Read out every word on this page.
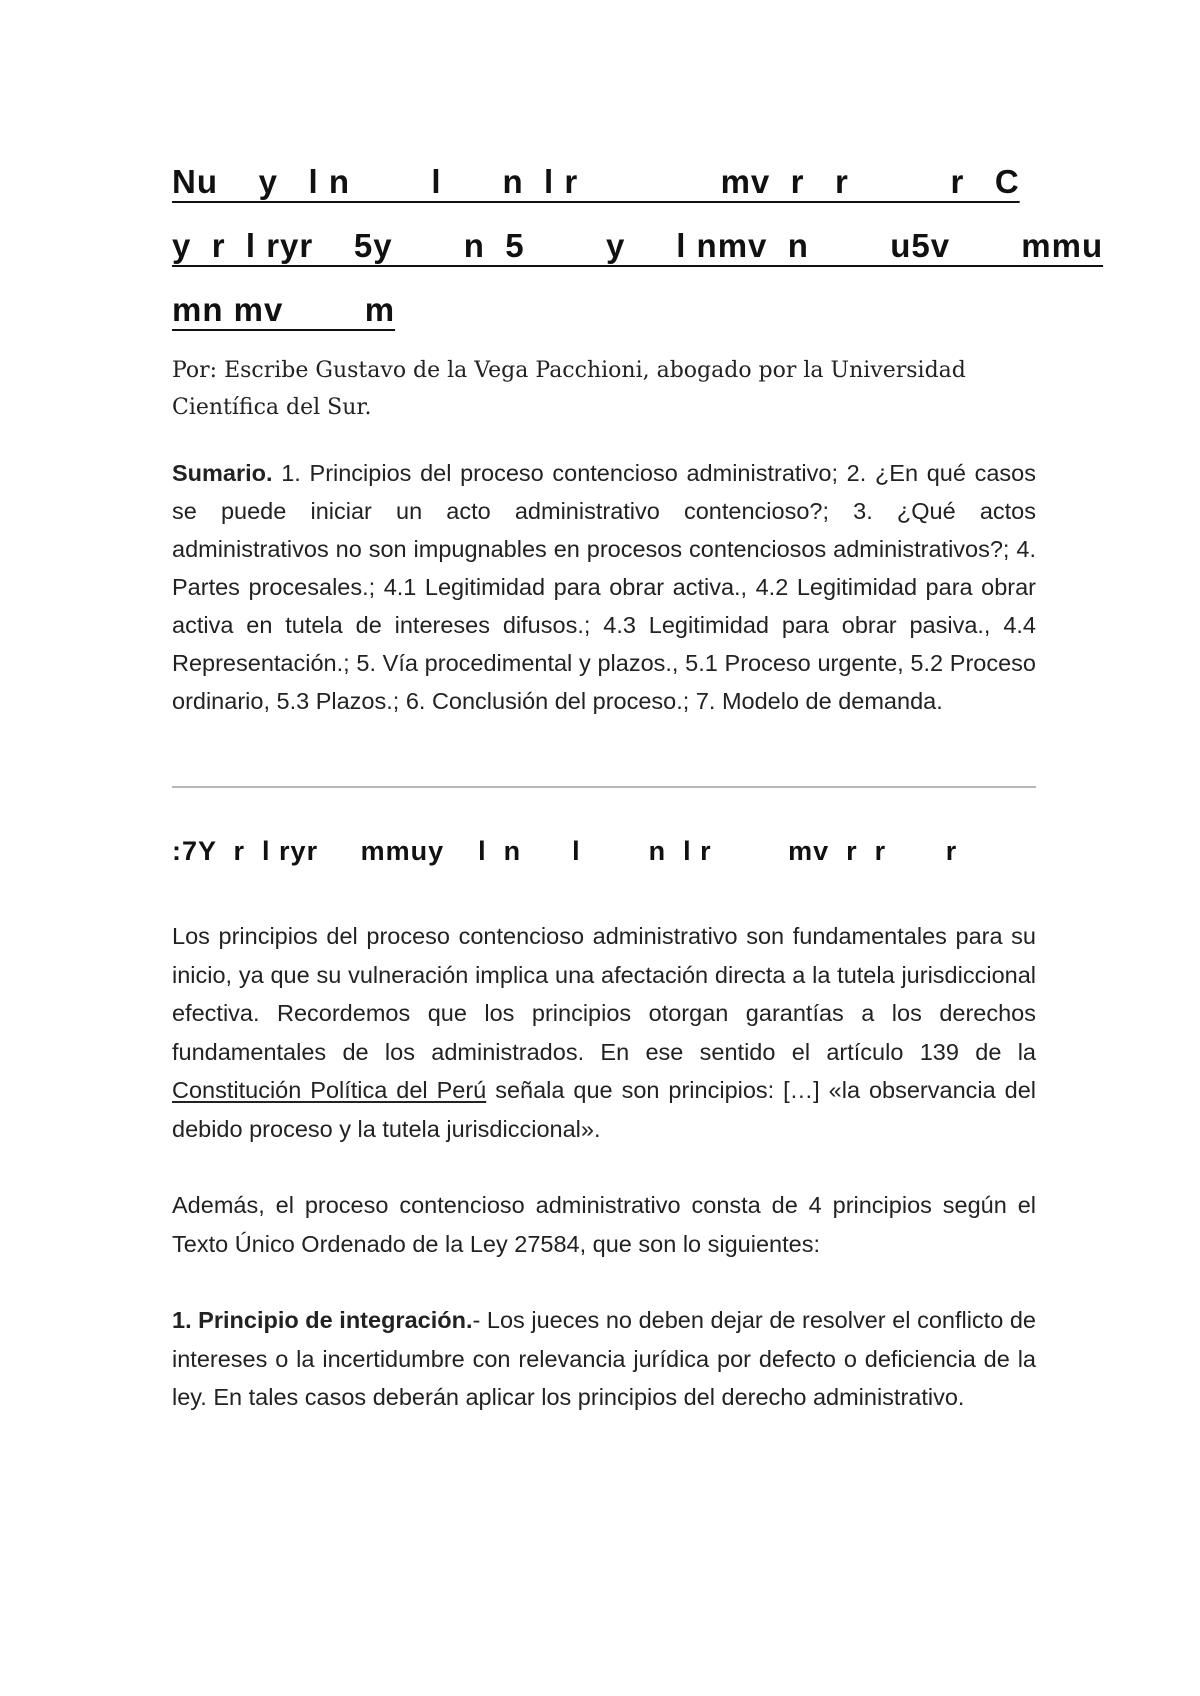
Nu    y   l n        l      n  l r              mv  r   r          r   C
y  r  l ryr    5y       n  5        y     l nmv  n        u5v       mmu
mn mv        m
Por: Escribe Gustavo de la Vega Pacchioni, abogado por la Universidad Científica del Sur.
Sumario. 1. Principios del proceso contencioso administrativo; 2. ¿En qué casos se puede iniciar un acto administrativo contencioso?; 3. ¿Qué actos administrativos no son impugnables en procesos contenciosos administrativos?; 4. Partes procesales.; 4.1 Legitimidad para obrar activa., 4.2 Legitimidad para obrar activa en tutela de intereses difusos.; 4.3 Legitimidad para obrar pasiva., 4.4 Representación.; 5. Vía procedimental y plazos., 5.1 Proceso urgente, 5.2 Proceso ordinario, 5.3 Plazos.; 6. Conclusión del proceso.; 7. Modelo de demanda.
:7Y  r  l ryr     mmuy    l  n      l        n  l r         mv  r  r       r

Los principios del proceso contencioso administrativo son fundamentales para su inicio, ya que su vulneración implica una afectación directa a la tutela jurisdiccional efectiva. Recordemos que los principios otorgan garantías a los derechos fundamentales de los administrados. En ese sentido el artículo 139 de la Constitución Política del Perú señala que son principios: […] «la observancia del debido proceso y la tutela jurisdiccional».

Además, el proceso contencioso administrativo consta de 4 principios según el Texto Único Ordenado de la Ley 27584, que son lo siguientes:

1. Principio de integración.- Los jueces no deben dejar de resolver el conflicto de intereses o la incertidumbre con relevancia jurídica por defecto o deficiencia de la ley. En tales casos deberán aplicar los principios del derecho administrativo.
